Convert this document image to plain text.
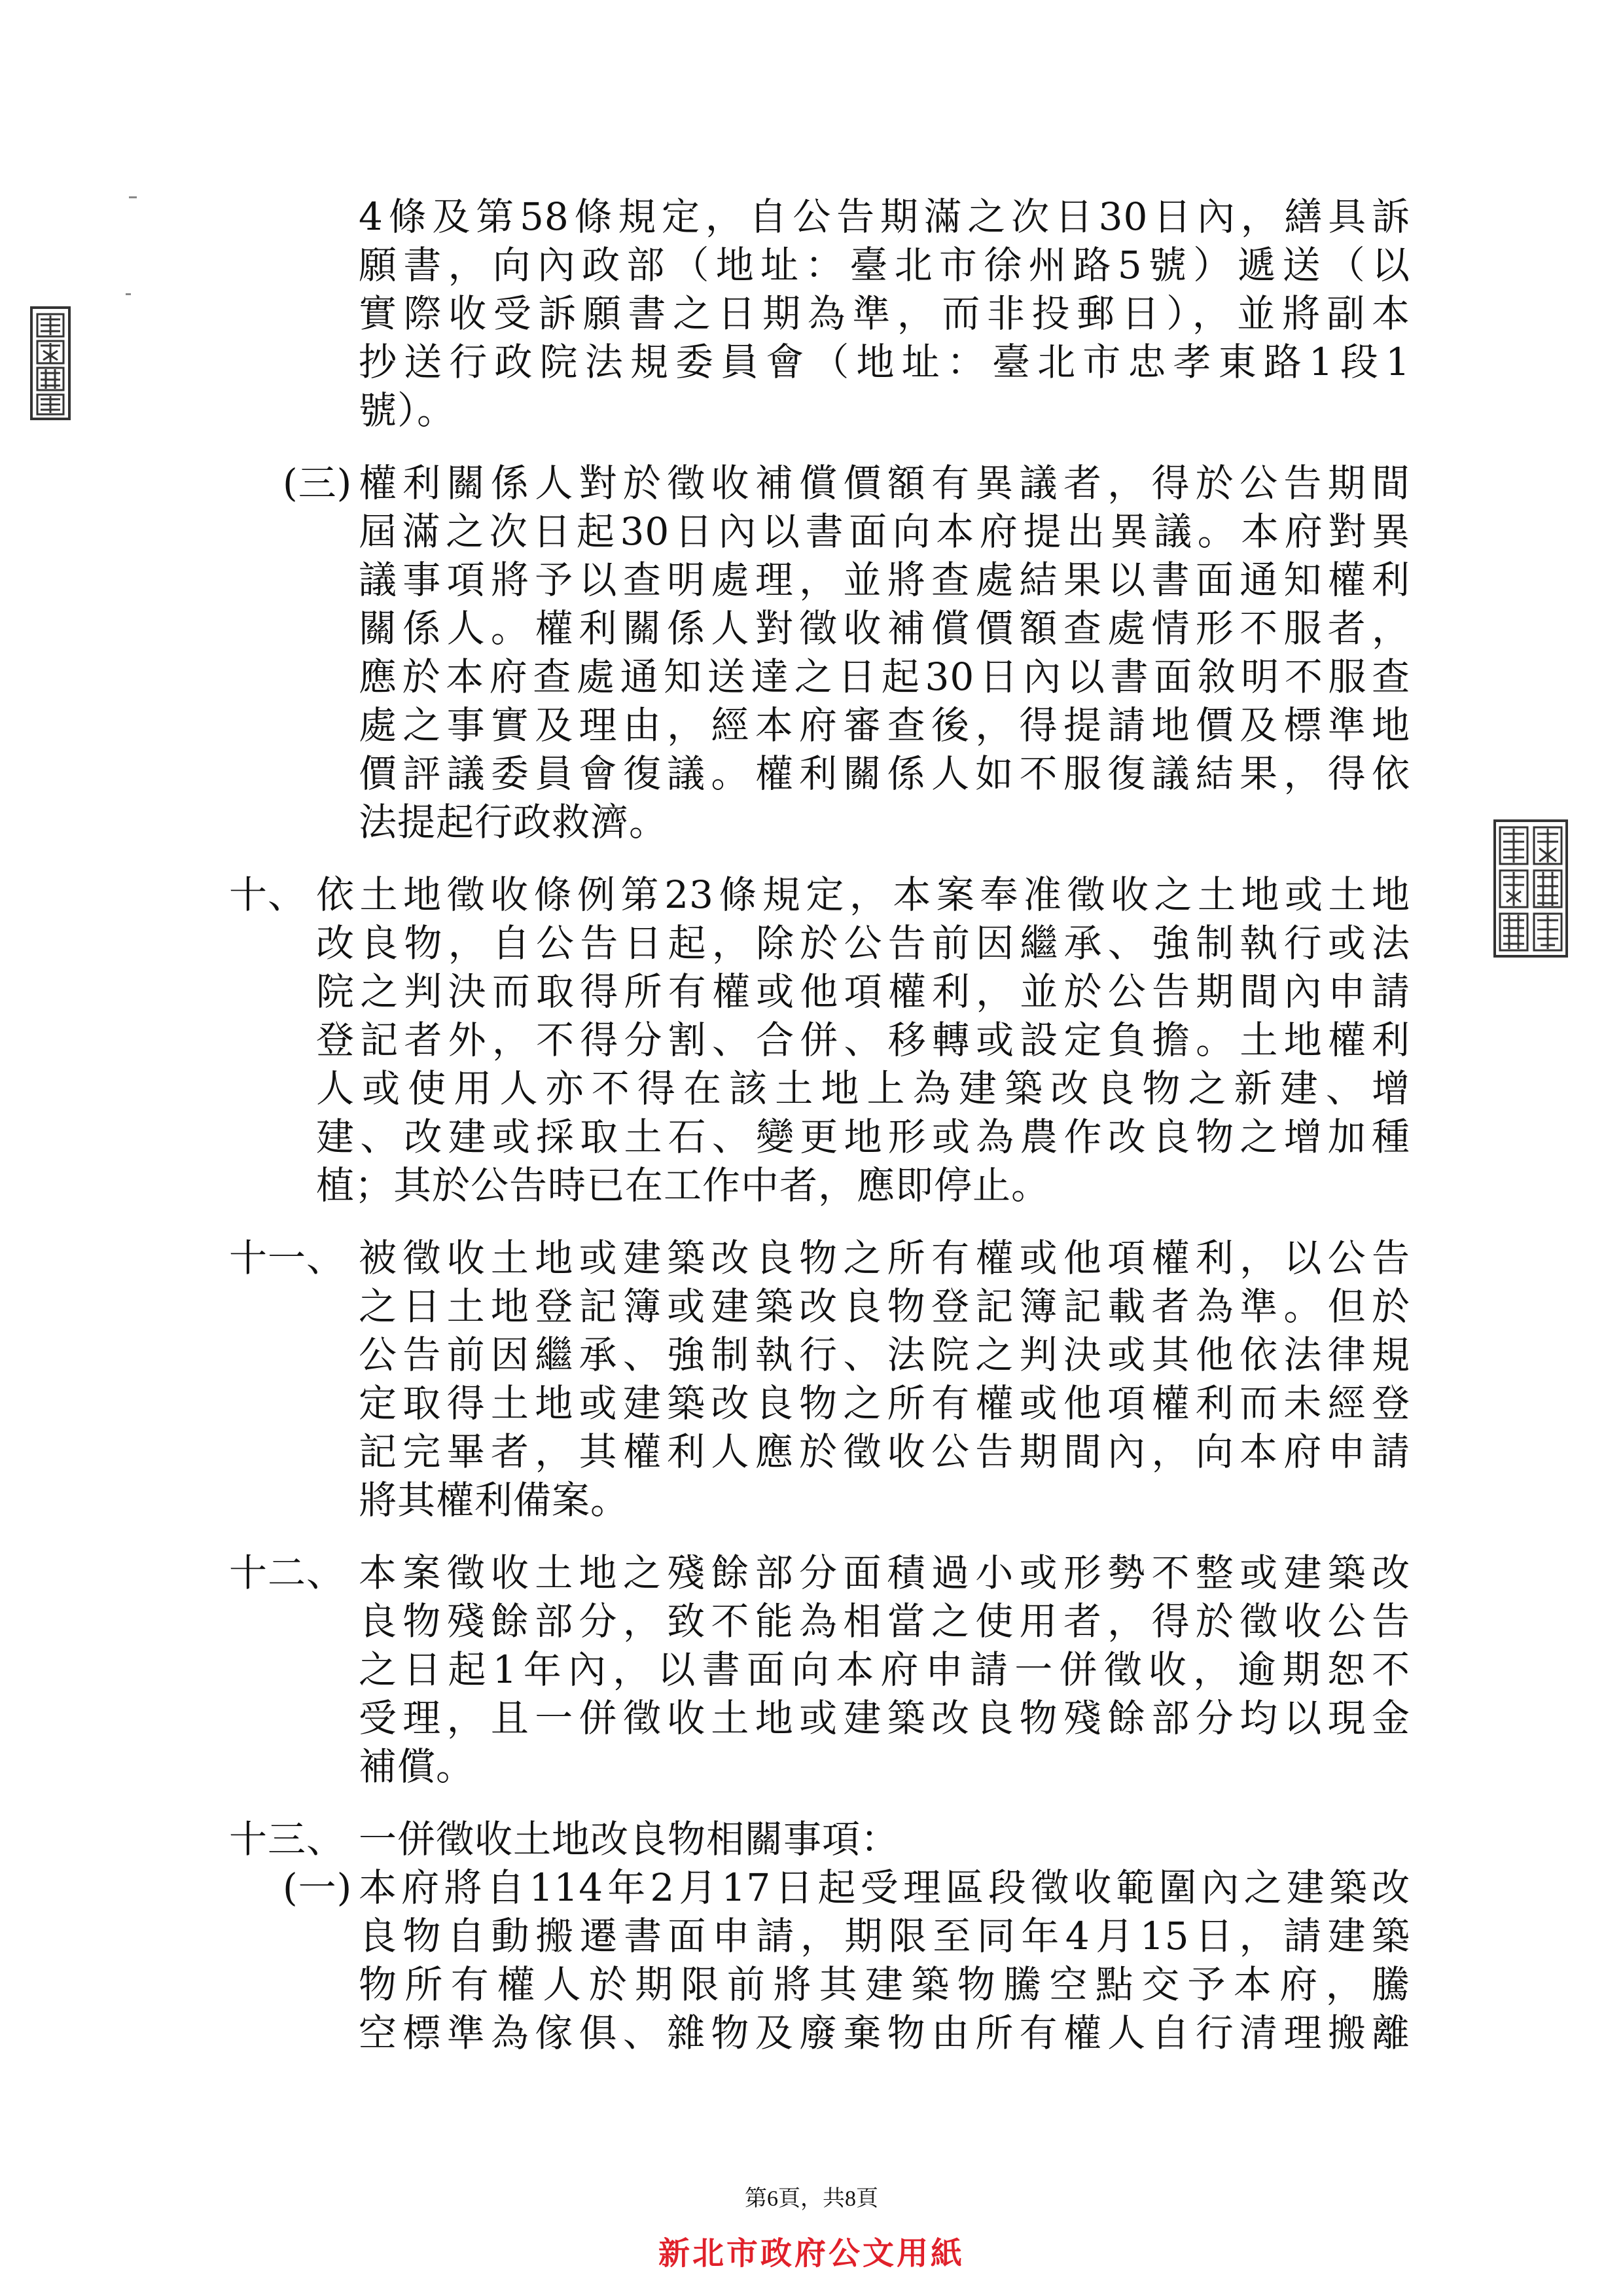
4條及第58條規定，自公告期滿之次日30日內，繕具訴
願書，向內政部（地址：臺北市徐州路5號）遞送（以
實際收受訴願書之日期為準，而非投郵日），並將副本
抄送行政院法規委員會（地址：臺北市忠孝東路1段1
號）。
(三) 權利關係人對於徵收補償價額有異議者，得於公告期間
屆滿之次日起30日內以書面向本府提出異議。本府對異
議事項將予以查明處理，並將查處結果以書面通知權利
關係人。權利關係人對徵收補償價額查處情形不服者，
應於本府查處通知送達之日起30日內以書面敘明不服查
處之事實及理由，經本府審查後，得提請地價及標準地
價評議委員會復議。權利關係人如不服復議結果，得依
法提起行政救濟。
十、 依土地徵收條例第23條規定，本案奉准徵收之土地或土地
改良物，自公告日起，除於公告前因繼承、強制執行或法
院之判決而取得所有權或他項權利，並於公告期間內申請
登記者外，不得分割、合併、移轉或設定負擔。土地權利
人或使用人亦不得在該土地上為建築改良物之新建、增
建、改建或採取土石、變更地形或為農作改良物之增加種
植；其於公告時已在工作中者，應即停止。
十一、 被徵收土地或建築改良物之所有權或他項權利，以公告
之日土地登記簿或建築改良物登記簿記載者為準。但於
公告前因繼承、強制執行、法院之判決或其他依法律規
定取得土地或建築改良物之所有權或他項權利而未經登
記完畢者，其權利人應於徵收公告期間內，向本府申請
將其權利備案。
十二、 本案徵收土地之殘餘部分面積過小或形勢不整或建築改
良物殘餘部分，致不能為相當之使用者，得於徵收公告
之日起1年內，以書面向本府申請一併徵收，逾期恕不
受理，且一併徵收土地或建築改良物殘餘部分均以現金
補償。
十三、 一併徵收土地改良物相關事項：
(一) 本府將自114年2月17日起受理區段徵收範圍內之建築改
良物自動搬遷書面申請，期限至同年4月15日，請建築
物所有權人於期限前將其建築物騰空點交予本府，騰
空標準為傢俱、雜物及廢棄物由所有權人自行清理搬離
第6頁，共8頁
新北市政府公文用紙
